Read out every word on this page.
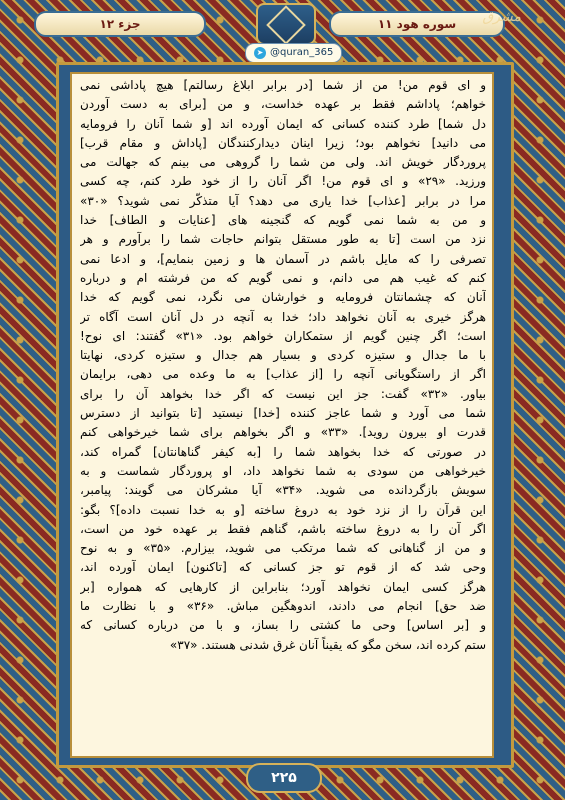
جزء ۱۲	سوره هود ۱۱	مشرق
➤ @quran_365
و ای قوم من! من از شما [در برابر ابلاغ رسالتم] هیچ پاداشی نمی
خواهم؛ پاداشم فقط بر عهده خداست، و من [برای به دست آوردن
دل شما] طرد کننده کسانی که ایمان آورده اند [و شما آنان را فرومایه
می دانید] نخواهم بود؛ زیرا اینان دیدارکنندگان [پاداش و مقام قرب]
پروردگار خویش اند. ولی من شما را گروهی می بینم که جهالت می
ورزید. «۲۹» و ای قوم من! اگر آنان را از خود طرد کنم، چه کسی
مرا در برابر [عذاب] خدا یاری می دهد؟ آیا متذکّر نمی شوید؟ «۳۰»
و من به شما نمی گویم که گنجینه های [عنایات و الطاف] خدا
نزد من است [تا به طور مستقل بتوانم حاجات شما را برآورم و هر
تصرفی را که مایل باشم در آسمان ها و زمین بنمایم]، و ادعا نمی
کنم که غیب هم می دانم، و نمی گویم که من فرشته ام و درباره
آنان که چشمانتان فرومایه و خوارشان می نگرد، نمی گویم که خدا
هرگز خیری به آنان نخواهد داد؛ خدا به آنچه در دل آنان است آگاه تر
است؛ اگر چنین گویم از ستمکاران خواهم بود. «۳۱» گفتند: ای نوح!
با ما جدال و ستیزه کردی و بسیار هم جدال و ستیزه کردی، نهایتا
اگر از راستگویانی آنچه را [از عذاب] به ما وعده می دهی، برایمان
بیاور. «۳۲» گفت: جز این نیست که اگر خدا بخواهد آن را برای
شما می آورد و شما عاجز کننده [خدا] نیستید [تا بتوانید از دسترس
قدرت او بیرون روید]. «۳۳» و اگر بخواهم برای شما خیرخواهی کنم
در صورتی که خدا بخواهد شما را [به کیفر گناهانتان] گمراه کند،
خیرخواهی من سودی به شما نخواهد داد، او پروردگار شماست و به
سویش بازگردانده می شوید. «۳۴» آیا مشرکان می گویند: پیامبر،
این قرآن را از نزد خود به دروغ ساخته [و به خدا نسبت داده]؟ بگو:
اگر آن را به دروغ ساخته باشم، گناهم فقط بر عهده خود من است،
و من از گناهانی که شما مرتکب می شوید، بیزارم. «۳۵» و به نوح
وحی شد که از قوم تو جز کسانی که [تاکنون] ایمان آورده اند،
هرگز کسی ایمان نخواهد آورد؛ بنابراین از کارهایی که همواره [بر
ضد حق] انجام می دادند، اندوهگین مباش. «۳۶» و با نظارت ما
و [بر اساس] وحی ما کشتی را بساز، و با من درباره کسانی که
ستم کرده اند، سخن مگو که یقیناً آنان غرق شدنی هستند. «۳۷»
۲۲۵
